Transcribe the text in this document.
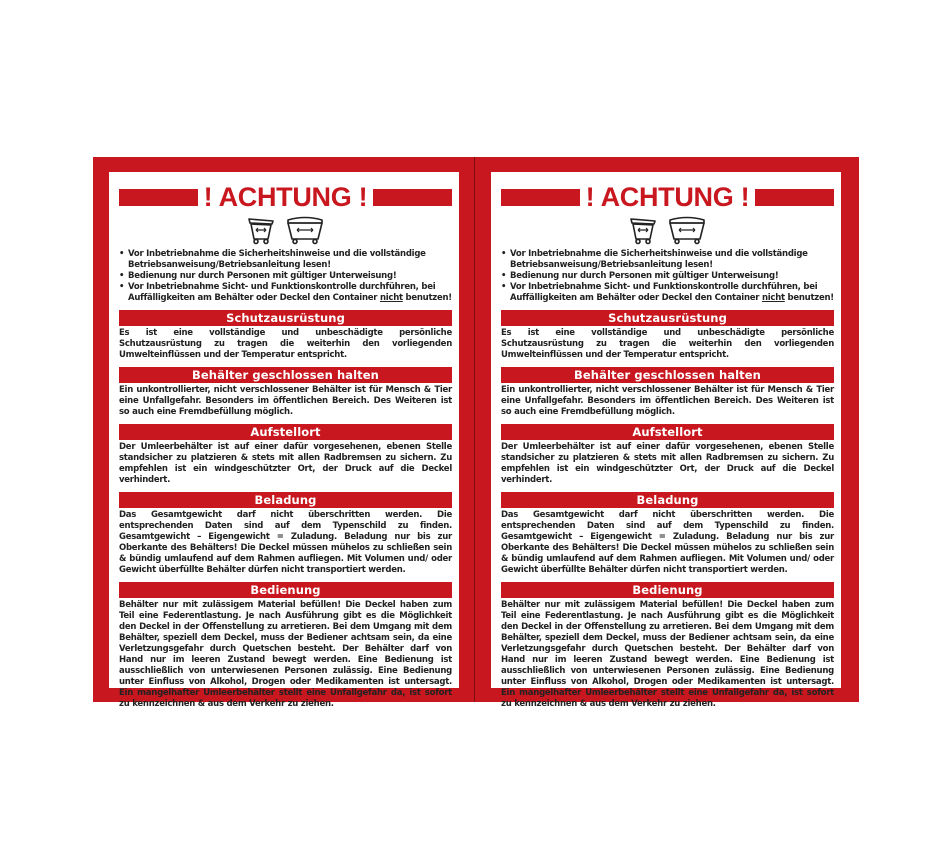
! ACHTUNG !
• Vor Inbetriebnahme die Sicherheitshinweise und die vollständige Betriebsanweisung/Betriebsanleitung lesen!
• Bedienung nur durch Personen mit gültiger Unterweisung!
• Vor Inbetriebnahme Sicht- und Funktionskontrolle durchführen, bei Auffälligkeiten am Behälter oder Deckel den Container nicht benutzen!
Schutzausrüstung
Es ist eine vollständige und unbeschädigte persönliche Schutzausrüstung zu tragen die weiterhin den vorliegenden Umwelteinflüssen und der Temperatur entspricht.
Behälter geschlossen halten
Ein unkontrollierter, nicht verschlossener Behälter ist für Mensch & Tier eine Unfallgefahr. Besonders im öffentlichen Bereich. Des Weiteren ist so auch eine Fremdbefüllung möglich.
Aufstellort
Der Umleerbehälter ist auf einer dafür vorgesehenen, ebenen Stelle standsicher zu platzieren & stets mit allen Radbremsen zu sichern. Zu empfehlen ist ein windgeschützter Ort, der Druck auf die Deckel verhindert.
Beladung
Das Gesamtgewicht darf nicht überschritten werden. Die entsprechenden Daten sind auf dem Typenschild zu finden. Gesamtgewicht – Eigengewicht = Zuladung. Beladung nur bis zur Oberkante des Behälters! Die Deckel müssen mühelos zu schließen sein & bündig umlaufend auf dem Rahmen aufliegen. Mit Volumen und/ oder Gewicht überfüllte Behälter dürfen nicht transportiert werden.
Bedienung
Behälter nur mit zulässigem Material befüllen! Die Deckel haben zum Teil eine Federentlastung. Je nach Ausführung gibt es die Möglichkeit den Deckel in der Offenstellung zu arretieren. Bei dem Umgang mit dem Behälter, speziell dem Deckel, muss der Bediener achtsam sein, da eine Verletzungsgefahr durch Quetschen besteht. Der Behälter darf von Hand nur im leeren Zustand bewegt werden. Eine Bedienung ist ausschließlich von unterwiesenen Personen zulässig. Eine Bedienung unter Einfluss von Alkohol, Drogen oder Medikamenten ist untersagt. Ein mangelhafter Umleerbehälter stellt eine Unfallgefahr da, ist sofort zu kennzeichnen & aus dem Verkehr zu ziehen.
! ACHTUNG !
• Vor Inbetriebnahme die Sicherheitshinweise und die vollständige Betriebsanweisung/Betriebsanleitung lesen!
• Bedienung nur durch Personen mit gültiger Unterweisung!
• Vor Inbetriebnahme Sicht- und Funktionskontrolle durchführen, bei Auffälligkeiten am Behälter oder Deckel den Container nicht benutzen!
Schutzausrüstung
Es ist eine vollständige und unbeschädigte persönliche Schutzausrüstung zu tragen die weiterhin den vorliegenden Umwelteinflüssen und der Temperatur entspricht.
Behälter geschlossen halten
Ein unkontrollierter, nicht verschlossener Behälter ist für Mensch & Tier eine Unfallgefahr. Besonders im öffentlichen Bereich. Des Weiteren ist so auch eine Fremdbefüllung möglich.
Aufstellort
Der Umleerbehälter ist auf einer dafür vorgesehenen, ebenen Stelle standsicher zu platzieren & stets mit allen Radbremsen zu sichern. Zu empfehlen ist ein windgeschützter Ort, der Druck auf die Deckel verhindert.
Beladung
Das Gesamtgewicht darf nicht überschritten werden. Die entsprechenden Daten sind auf dem Typenschild zu finden. Gesamtgewicht – Eigengewicht = Zuladung. Beladung nur bis zur Oberkante des Behälters! Die Deckel müssen mühelos zu schließen sein & bündig umlaufend auf dem Rahmen aufliegen. Mit Volumen und/ oder Gewicht überfüllte Behälter dürfen nicht transportiert werden.
Bedienung
Behälter nur mit zulässigem Material befüllen! Die Deckel haben zum Teil eine Federentlastung. Je nach Ausführung gibt es die Möglichkeit den Deckel in der Offenstellung zu arretieren. Bei dem Umgang mit dem Behälter, speziell dem Deckel, muss der Bediener achtsam sein, da eine Verletzungsgefahr durch Quetschen besteht. Der Behälter darf von Hand nur im leeren Zustand bewegt werden. Eine Bedienung ist ausschließlich von unterwiesenen Personen zulässig. Eine Bedienung unter Einfluss von Alkohol, Drogen oder Medikamenten ist untersagt. Ein mangelhafter Umleerbehälter stellt eine Unfallgefahr da, ist sofort zu kennzeichnen & aus dem Verkehr zu ziehen.
